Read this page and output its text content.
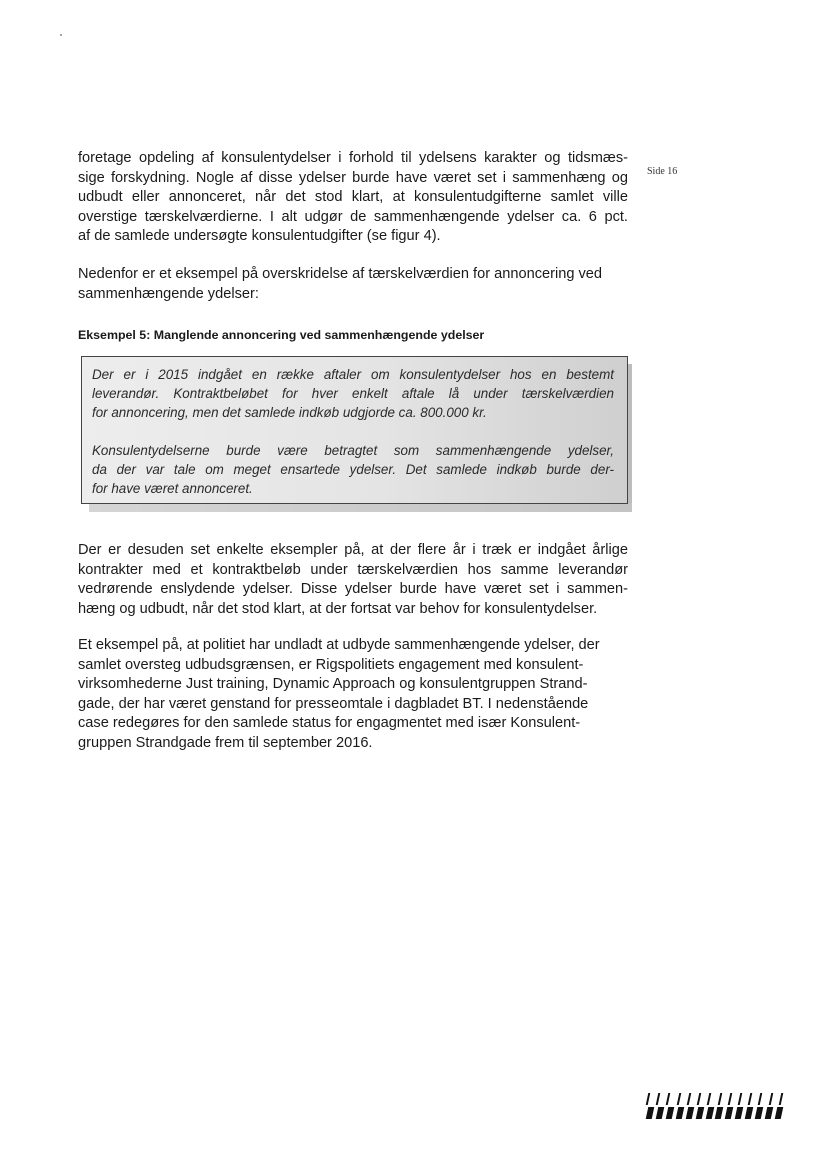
Side 16

foretage opdeling af konsulentydelser i forhold til ydelsens karakter og tidsmæs-
sige forskydning. Nogle af disse ydelser burde have været set i sammenhæng og
udbudt eller annonceret, når det stod klart, at konsulentudgifterne samlet ville
overstige tærskelværdierne. I alt udgør de sammenhængende ydelser ca. 6 pct.
af de samlede undersøgte konsulentudgifter (se figur 4).

Nedenfor er et eksempel på overskridelse af tærskelværdien for annoncering ved
sammenhængende ydelser:

Eksempel 5: Manglende annoncering ved sammenhængende ydelser

Der er i 2015 indgået en række aftaler om konsulentydelser hos en bestemt
leverandør. Kontraktbeløbet for hver enkelt aftale lå under tærskelværdien
for annoncering, men det samlede indkøb udgjorde ca. 800.000 kr.

Konsulentydelserne burde være betragtet som sammenhængende ydelser,
da der var tale om meget ensartede ydelser. Det samlede indkøb burde der-
for have været annonceret.

Der er desuden set enkelte eksempler på, at der flere år i træk er indgået årlige
kontrakter med et kontraktbeløb under tærskelværdien hos samme leverandør
vedrørende enslydende ydelser. Disse ydelser burde have været set i sammen-
hæng og udbudt, når det stod klart, at der fortsat var behov for konsulentydelser.

Et eksempel på, at politiet har undladt at udbyde sammenhængende ydelser, der
samlet oversteg udbudsgrænsen, er Rigspolitiets engagement med konsulent-
virksomhederne Just training, Dynamic Approach og konsulentgruppen Strand-
gade, der har været genstand for presseomtale i dagbladet BT. I nedenstående
case redegøres for den samlede status for engagmentet med især Konsulent-
gruppen Strandgade frem til september 2016.
